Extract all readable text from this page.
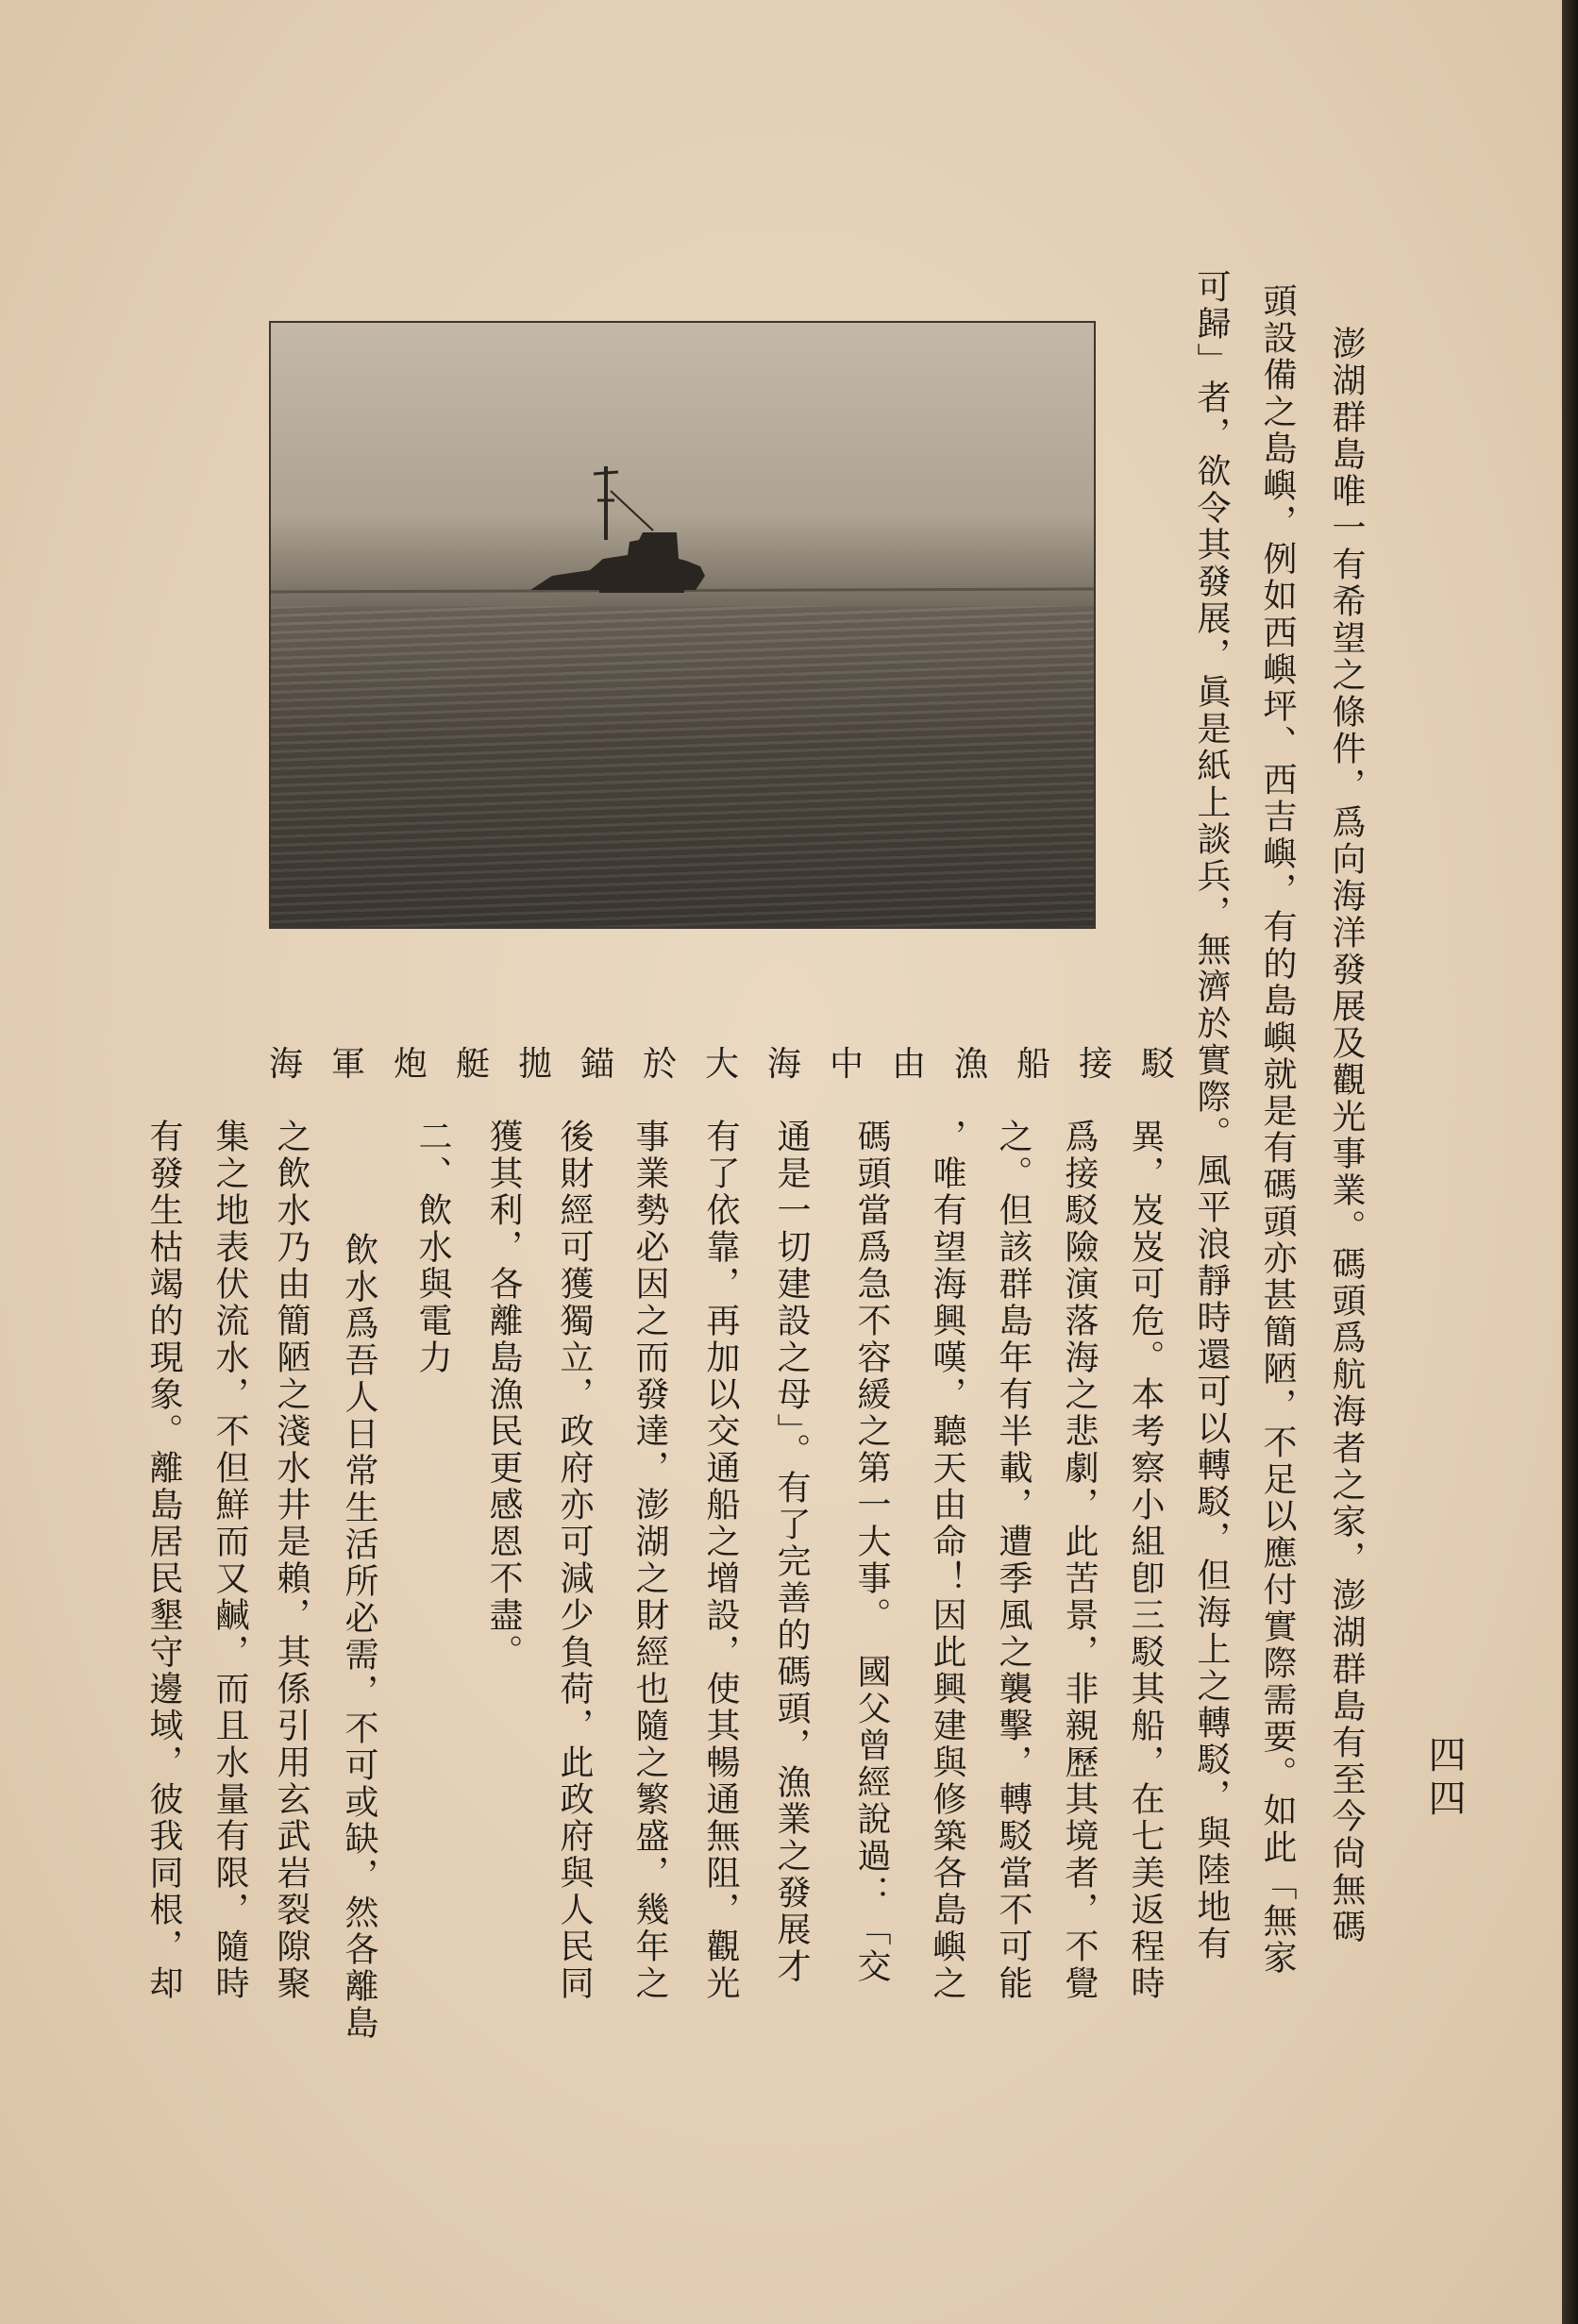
四四
澎湖群島唯一有希望之條件，爲向海洋發展及觀光事業。碼頭爲航海者之家，澎湖群島有至今尙無碼
頭設備之島嶼，例如西嶼坪、西吉嶼，有的島嶼就是有碼頭亦甚簡陋，不足以應付實際需要。如此「無家
可歸」者，欲令其發展，眞是紙上談兵，無濟於實際。風平浪靜時還可以轉駁，但海上之轉駁，與陸地有
駁接船漁由中海大於錨拋艇炮軍海
異，岌岌可危。本考察小組卽三駁其船，在七美返程時
爲接駁險演落海之悲劇，此苦景，非親歷其境者，不覺
之。但該群島年有半載，遭季風之襲擊，轉駁當不可能
，唯有望海興嘆，聽天由命！因此興建與修築各島嶼之
碼頭當爲急不容緩之第一大事。　國父曾經說過：「交
通是一切建設之母」。有了完善的碼頭，漁業之發展才
有了依靠，再加以交通船之增設，使其暢通無阻，觀光
事業勢必因之而發達，澎湖之財經也隨之繁盛，幾年之
後財經可獲獨立，政府亦可減少負荷，此政府與人民同
獲其利，各離島漁民更感恩不盡。
二、飲水與電力
飲水爲吾人日常生活所必需，不可或缺，然各離島
之飲水乃由簡陋之淺水井是賴，其係引用玄武岩裂隙聚
集之地表伏流水，不但鮮而又鹹，而且水量有限，隨時
有發生枯竭的現象。離島居民墾守邊域，彼我同根，却
